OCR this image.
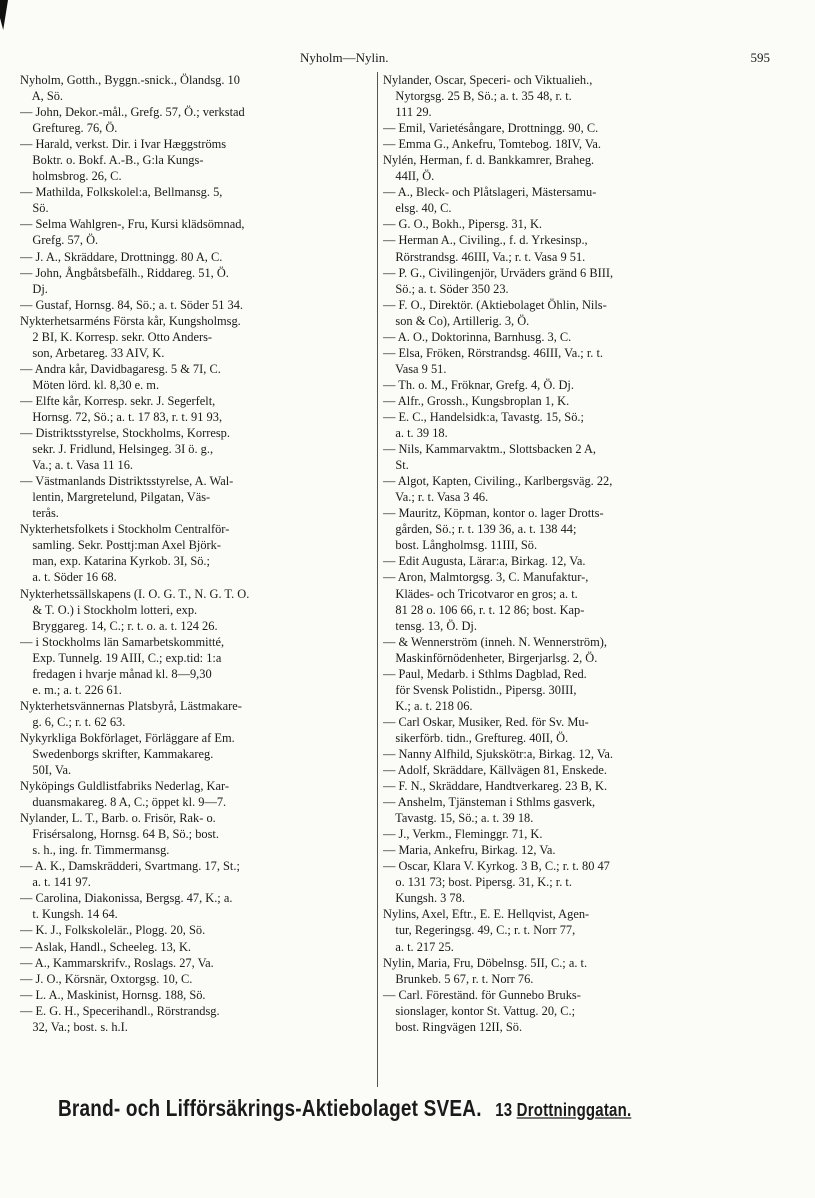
Nyholm—Nylin.	595
Nyholm, Gotth., Byggn.-snick., Ölandsg. 10
A, Sö.
— John, Dekor.-mål., Grefg. 57, Ö.; verkstad
Greftureg. 76, Ö.
— Harald, verkst. Dir. i Ivar Hæggströms
Boktr. o. Bokf. A.-B., G:la Kungs-
holmsbrog. 26, C.
— Mathilda, Folkskolel:a, Bellmansg. 5,
Sö.
— Selma Wahlgren-, Fru, Kursi klädsömnad,
Grefg. 57, Ö.
— J. A., Skräddare, Drottningg. 80 A, C.
— John, Ångbåtsbefälh., Riddareg. 51, Ö.
Dj.
— Gustaf, Hornsg. 84, Sö.; a. t. Söder 51 34.
Nykterhetsarméns Första kår, Kungsholmsg.
2 BI, K. Korresp. sekr. Otto Anders-
son, Arbetareg. 33 AIV, K.
— Andra kår, Davidbagaresg. 5 & 7I, C.
Möten lörd. kl. 8,30 e. m.
— Elfte kår, Korresp. sekr. J. Segerfelt,
Hornsg. 72, Sö.; a. t. 17 83, r. t. 91 93,
— Distriktsstyrelse, Stockholms, Korresp.
sekr. J. Fridlund, Helsingeg. 3I ö. g.,
Va.; a. t. Vasa 11 16.
— Västmanlands Distriktsstyrelse, A. Wal-
lentin, Margretelund, Pilgatan, Väs-
terås.
Nykterhetsfolkets i Stockholm Centralför-
samling. Sekr. Posttj:man Axel Björk-
man, exp. Katarina Kyrkob. 3I, Sö.;
a. t. Söder 16 68.
Nykterhetssällskapens (I. O. G. T., N. G. T. O.
& T. O.) i Stockholm lotteri, exp.
Bryggareg. 14, C.; r. t. o. a. t. 124 26.
— i Stockholms län Samarbetskommitté,
Exp. Tunnelg. 19 AIII, C.; exp.tid: 1:a
fredagen i hvarje månad kl. 8—9,30
e. m.; a. t. 226 61.
Nykterhetsvännernas Platsbyrå, Lästmakare-
g. 6, C.; r. t. 62 63.
Nykyrkliga Bokförlaget, Förläggare af Em.
Swedenborgs skrifter, Kammakareg.
50I, Va.
Nyköpings Guldlistfabriks Nederlag, Kar-
duansmakareg. 8 A, C.; öppet kl. 9—7.
Nylander, L. T., Barb. o. Frisör, Rak- o.
Frisérsalong, Hornsg. 64 B, Sö.; bost.
s. h., ing. fr. Timmermansg.
— A. K., Damskrädderi, Svartmang. 17, St.;
a. t. 141 97.
— Carolina, Diakonissa, Bergsg. 47, K.; a.
t. Kungsh. 14 64.
— K. J., Folkskolelär., Plogg. 20, Sö.
— Aslak, Handl., Scheeleg. 13, K.
— A., Kammarskrifv., Roslags. 27, Va.
— J. O., Körsnär, Oxtorgsg. 10, C.
— L. A., Maskinist, Hornsg. 188, Sö.
— E. G. H., Specerihandl., Rörstrandsg.
32, Va.; bost. s. h.I.
Nylander, Oscar, Speceri- och Viktualieh.,
Nytorgsg. 25 B, Sö.; a. t. 35 48, r. t.
111 29.
— Emil, Varietésångare, Drottningg. 90, C.
— Emma G., Ankefru, Tomtebog. 18IV, Va.
Nylén, Herman, f. d. Bankkamrer, Braheg.
44II, Ö.
— A., Bleck- och Plåtslageri, Mästersamu-
elsg. 40, C.
— G. O., Bokh., Pipersg. 31, K.
— Herman A., Civiling., f. d. Yrkesinsp.,
Rörstrandsg. 46III, Va.; r. t. Vasa 9 51.
— P. G., Civilingenjör, Urväders gränd 6 BIII,
Sö.; a. t. Söder 350 23.
— F. O., Direktör. (Aktiebolaget Öhlin, Nils-
son & Co), Artillerig. 3, Ö.
— A. O., Doktorinna, Barnhusg. 3, C.
— Elsa, Fröken, Rörstrandsg. 46III, Va.; r. t.
Vasa 9 51.
— Th. o. M., Fröknar, Grefg. 4, Ö. Dj.
— Alfr., Grossh., Kungsbroplan 1, K.
— E. C., Handelsidk:a, Tavastg. 15, Sö.;
a. t. 39 18.
— Nils, Kammarvaktm., Slottsbacken 2 A,
St.
— Algot, Kapten, Civiling., Karlbergsväg. 22,
Va.; r. t. Vasa 3 46.
— Mauritz, Köpman, kontor o. lager Drotts-
gården, Sö.; r. t. 139 36, a. t. 138 44;
bost. Långholmsg. 11III, Sö.
— Edit Augusta, Lärar:a, Birkag. 12, Va.
— Aron, Malmtorgsg. 3, C. Manufaktur-,
Klädes- och Tricotvaror en gros; a. t.
81 28 o. 106 66, r. t. 12 86; bost. Kap-
tensg. 13, Ö. Dj.
— & Wennerström (inneh. N. Wennerström),
Maskinförnödenheter, Birgerjarlsg. 2, Ö.
— Paul, Medarb. i Sthlms Dagblad, Red.
för Svensk Polistidn., Pipersg. 30III,
K.; a. t. 218 06.
— Carl Oskar, Musiker, Red. för Sv. Mu-
sikerförb. tidn., Greftureg. 40II, Ö.
— Nanny Alfhild, Sjukskötr:a, Birkag. 12, Va.
— Adolf, Skräddare, Källvägen 81, Enskede.
— F. N., Skräddare, Handtverkareg. 23 B, K.
— Anshelm, Tjänsteman i Sthlms gasverk,
Tavastg. 15, Sö.; a. t. 39 18.
— J., Verkm., Fleminggr. 71, K.
— Maria, Ankefru, Birkag. 12, Va.
— Oscar, Klara V. Kyrkog. 3 B, C.; r. t. 80 47
o. 131 73; bost. Pipersg. 31, K.; r. t.
Kungsh. 3 78.
Nylins, Axel, Eftr., E. E. Hellqvist, Agen-
tur, Regeringsg. 49, C.; r. t. Norr 77,
a. t. 217 25.
Nylin, Maria, Fru, Döbelnsg. 5II, C.; a. t.
Brunkeb. 5 67, r. t. Norr 76.
— Carl. Föreständ. för Gunnebo Bruks-
sionslager, kontor St. Vattug. 20, C.;
bost. Ringvägen 12II, Sö.
Brand- och Lifförsäkrings-Aktiebolaget SVEA. 13 Drottninggatan.
